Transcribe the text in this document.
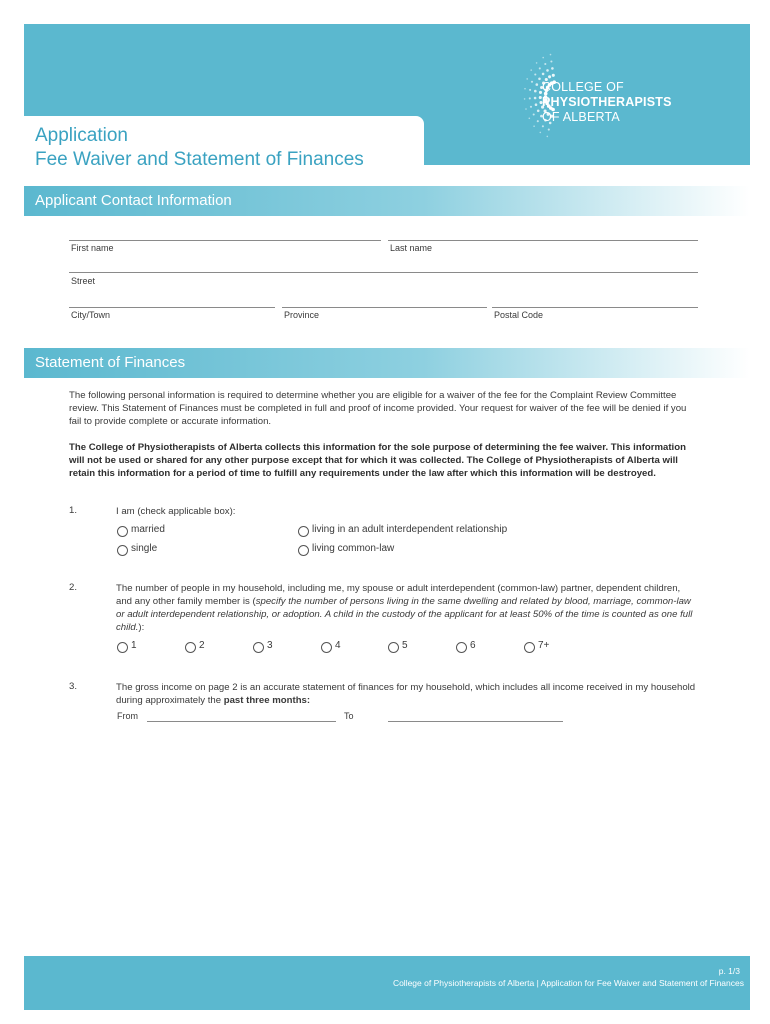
Application
Fee Waiver and Statement of Finances
COLLEGE OF
PHYSIOTHERAPISTS
OF ALBERTA
Applicant Contact Information
First name	Last name
Street
City/Town	Province	Postal Code
Statement of Finances
The following personal information is required to determine whether you are eligible for a waiver of the fee for the Complaint Review Committee review. This Statement of Finances must be completed in full and proof of income provided. Your request for waiver of the fee will be denied if you fail to provide complete or accurate information.
The College of Physiotherapists of Alberta collects this information for the sole purpose of determining the fee waiver. This information will not be used or shared for any other purpose except that for which it was collected. The College of Physiotherapists of Alberta will retain this information for a period of time to fulfill any requirements under the law after which this information will be destroyed.
1.	I am (check applicable box):
married
single
living in an adult interdependent relationship
living common-law
2.	The number of people in my household, including me, my spouse or adult interdependent (common-law) partner, dependent children, and any other family member is (specify the number of persons living in the same dwelling and related by blood, marriage, common-law or adult interdependent relationship, or adoption. A child in the custody of the applicant for at least 50% of the time is counted as one full child.):
1	2	3	4	5	6	7+
3.	The gross income on page 2 is an accurate statement of finances for my household, which includes all income received in my household during approximately the past three months:
From	To
p. 1/3
College of Physiotherapists of Alberta | Application for Fee Waiver and Statement of Finances
